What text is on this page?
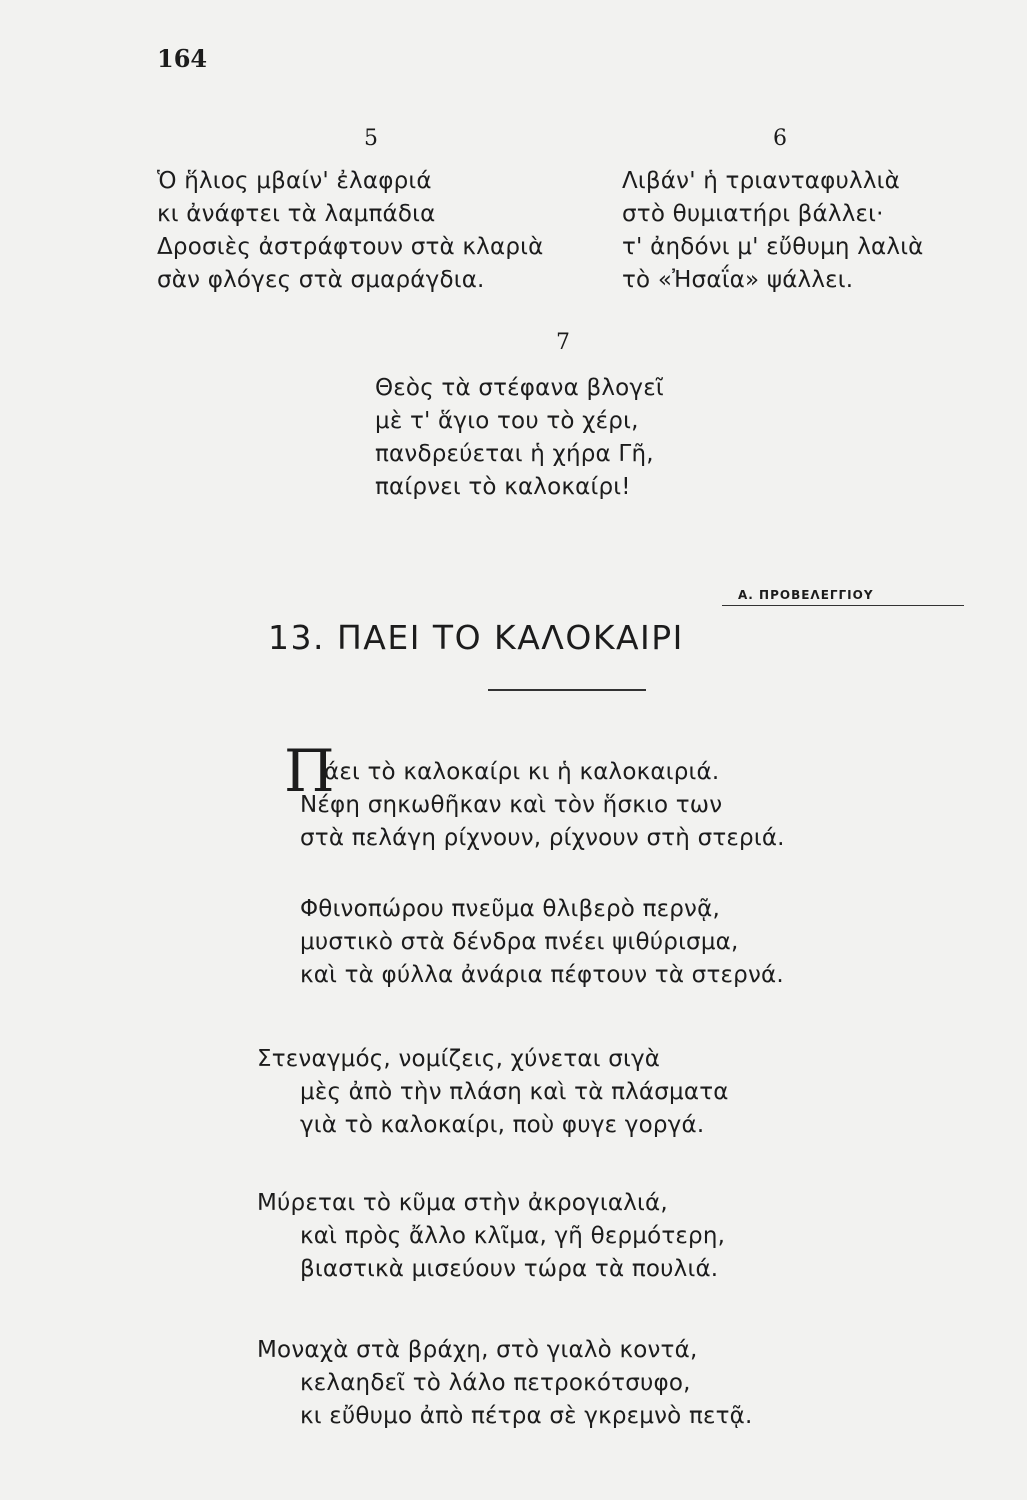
164
5
Ὁ ἥλιος μβαίν' ἐλαφριά
κι ἀνάφτει τὰ λαμπάδια
Δροσιὲς ἀστράφτουν στὰ κλαριὰ
σὰν φλόγες στὰ σμαράγδια.
6
Λιβάν' ἡ τριανταφυλλιὰ
στὸ θυμιατήρι βάλλει·
τ' ἀηδόνι μ' εὔθυμη λαλιὰ
τὸ «Ἠσαΐα» ψάλλει.
7
Θεὸς τὰ στέφανα βλογεῖ
μὲ τ' ἅγιο του τὸ χέρι,
πανδρεύεται ἡ χήρα Γῆ,
παίρνει τὸ καλοκαίρι!
Α. ΠΡΟΒΕΛΕΓΓΙΟΥ
13. ΠΑΕΙ ΤΟ ΚΑΛΟΚΑΙΡΙ
Π
άει τὸ καλοκαίρι κι ἡ καλοκαιριά.
Νέφη σηκωθῆκαν καὶ τὸν ἥσκιο των
στὰ πελάγη ρίχνουν, ρίχνουν στὴ στεριά.
Φθινοπώρου πνεῦμα θλιβερὸ περνᾷ,
μυστικὸ στὰ δένδρα πνέει ψιθύρισμα,
καὶ τὰ φύλλα ἀνάρια πέφτουν τὰ στερνά.
Στεναγμός, νομίζεις, χύνεται σιγὰ
μὲς ἀπὸ τὴν πλάση καὶ τὰ πλάσματα
γιὰ τὸ καλοκαίρι, ποὺ φυγε γοργά.
Μύρεται τὸ κῦμα στὴν ἀκρογιαλιά,
καὶ πρὸς ἄλλο κλῖμα, γῆ θερμότερη,
βιαστικὰ μισεύουν τώρα τὰ πουλιά.
Μοναχὰ στὰ βράχη, στὸ γιαλὸ κοντά,
κελαηδεῖ τὸ λάλο πετροκότσυφο,
κι εὔθυμο ἀπὸ πέτρα σὲ γκρεμνὸ πετᾷ.
